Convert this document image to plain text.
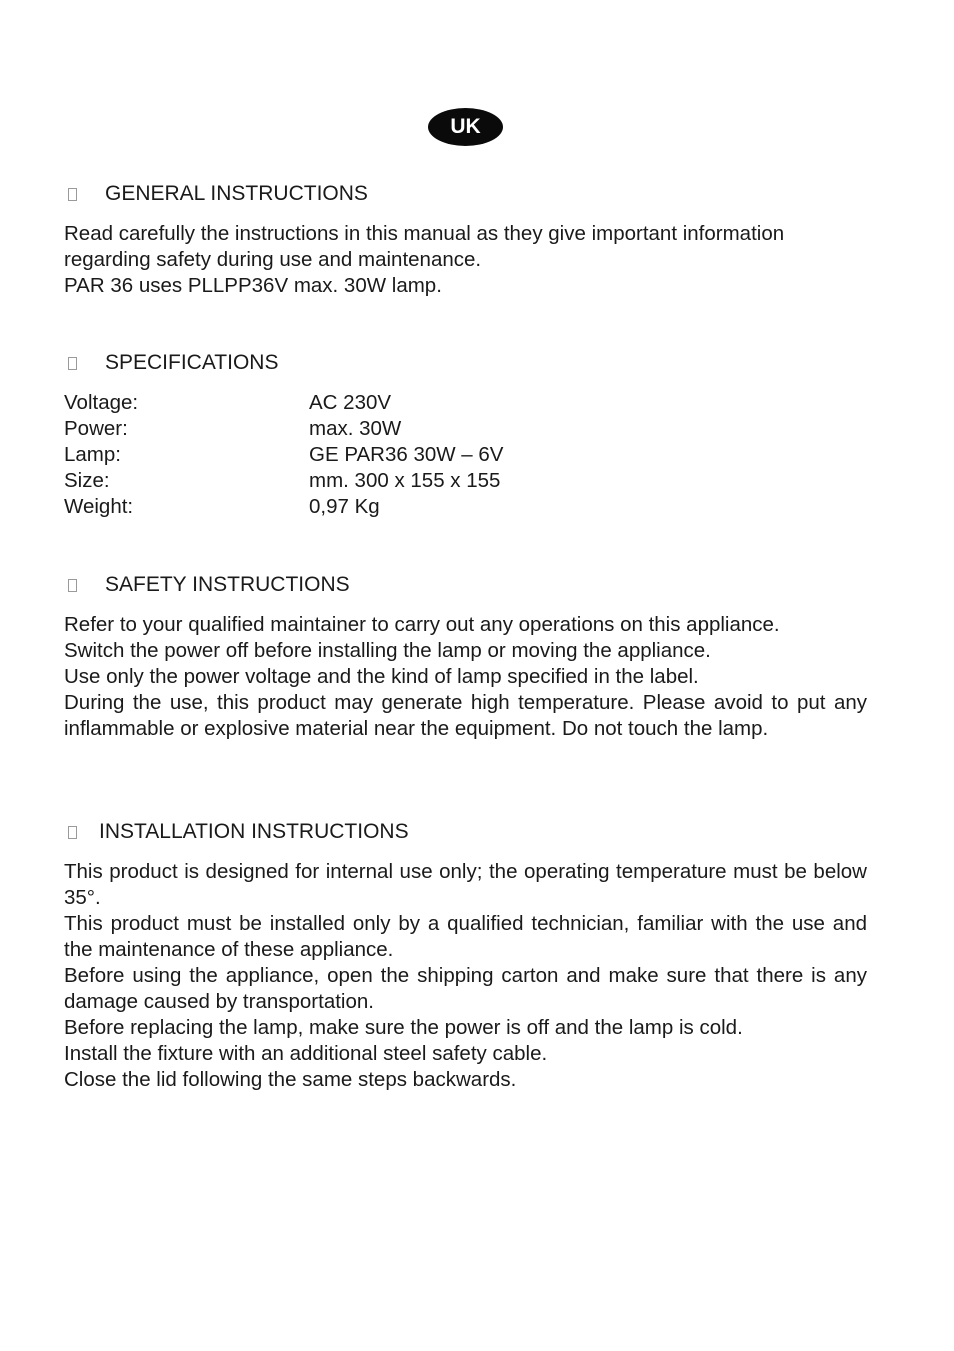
UK
GENERAL INSTRUCTIONS

Read carefully the instructions in this manual as they give important information regarding safety during use and maintenance.

PAR 36 uses PLLPP36V max. 30W lamp.

SPECIFICATIONS
Voltage:	AC 230V
Power:	max. 30W
Lamp:	GE PAR36 30W – 6V
Size:	mm. 300 x 155 x 155
Weight:	0,97 Kg
SAFETY INSTRUCTIONS

Refer to your qualified maintainer to carry out any operations on this appliance.

Switch the power off before installing the lamp or moving the appliance.

Use only the power voltage and the kind of lamp specified in the label.

During the use, this product may generate high temperature. Please avoid to put any inflammable or explosive material near the equipment. Do not touch the lamp.

INSTALLATION INSTRUCTIONS

This product is designed for internal use only; the operating temperature must be below 35°.

This product must be installed only by a qualified technician, familiar with the use and the maintenance of these appliance.

Before using the appliance, open the shipping carton and make sure that there is any damage caused by transportation.

Before replacing the lamp, make sure the power is off and the lamp is cold.

Install the fixture with an additional steel safety cable.

Close the lid following the same steps backwards.
